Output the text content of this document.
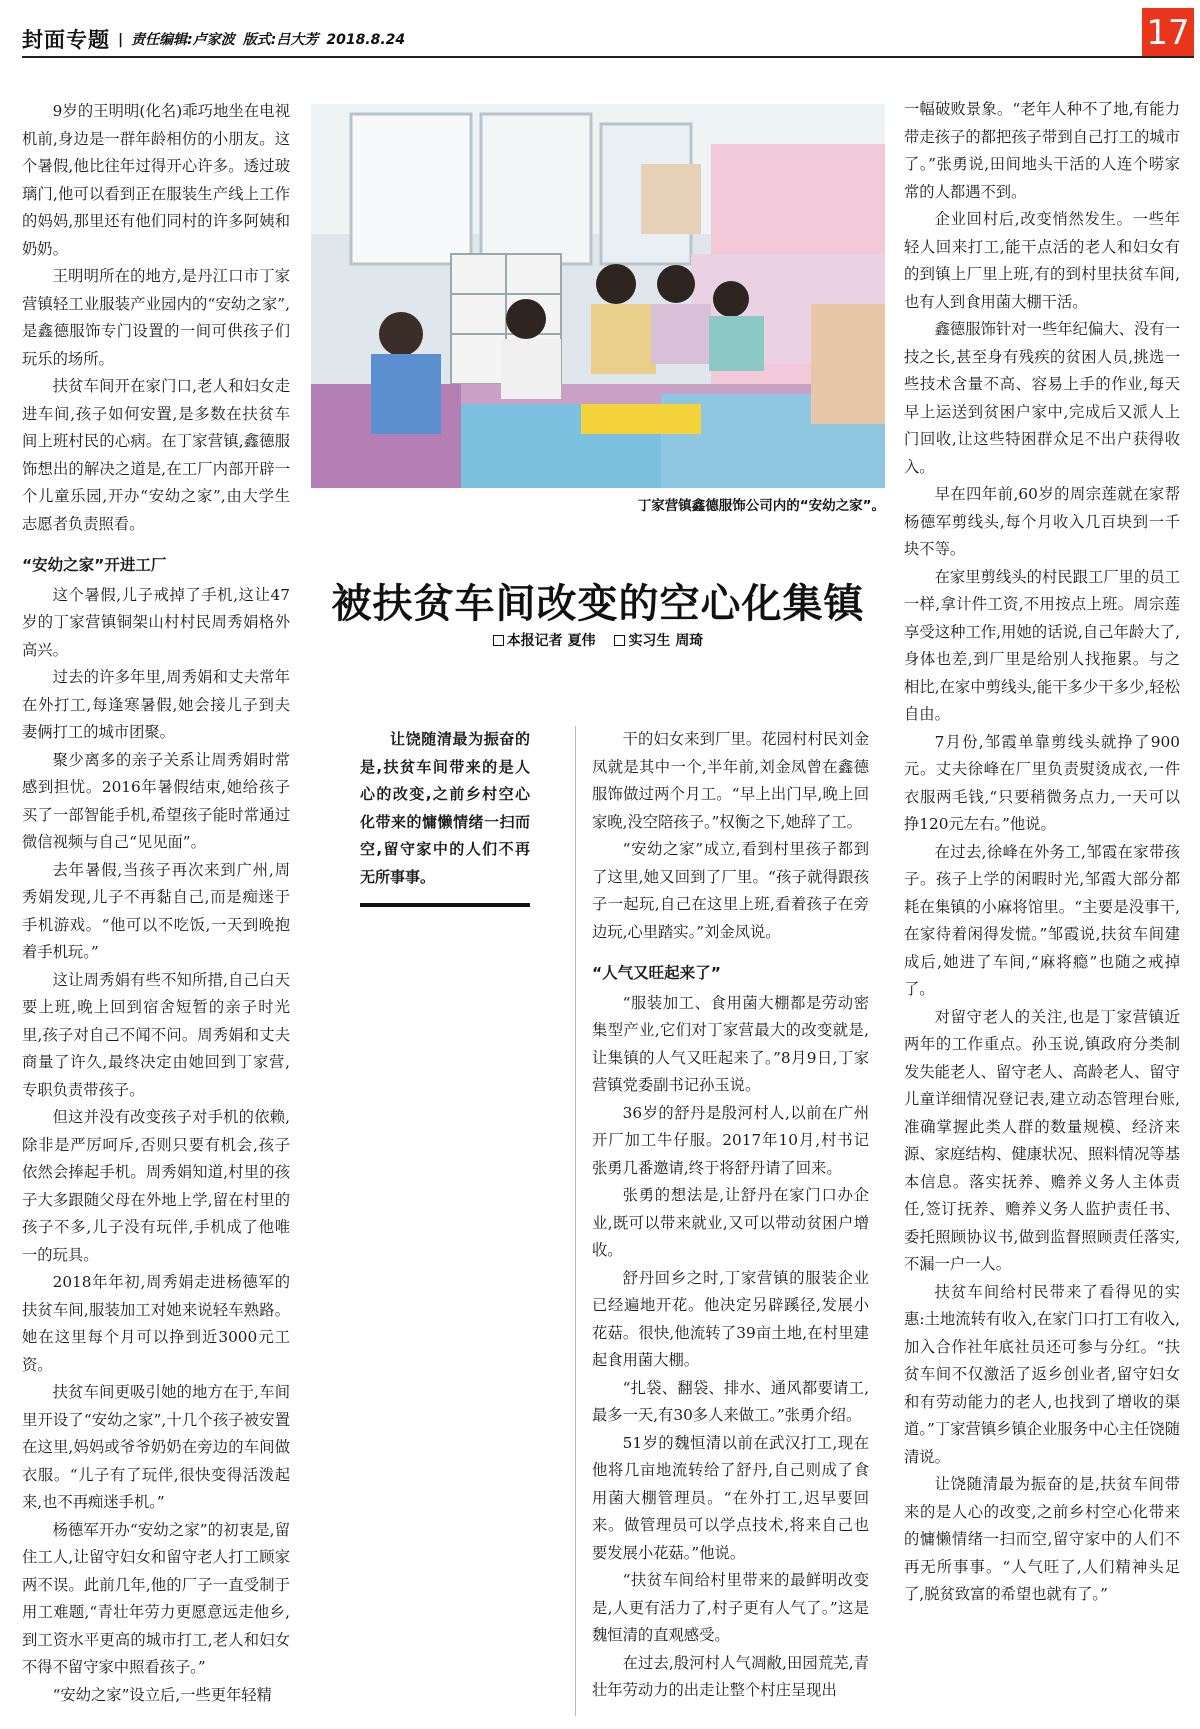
封面专题 | 责任编辑:卢家波 版式:吕大芳 2018.8.24	17

9岁的王明明(化名)乖巧地坐在电视机前,身边是一群年龄相仿的小朋友。这个暑假,他比往年过得开心许多。透过玻璃门,他可以看到正在服装生产线上工作的妈妈,那里还有他们同村的许多阿姨和奶奶。

王明明所在的地方,是丹江口市丁家营镇轻工业服装产业园内的“安幼之家”,是鑫德服饰专门设置的一间可供孩子们玩乐的场所。

扶贫车间开在家门口,老人和妇女走进车间,孩子如何安置,是多数在扶贫车间上班村民的心病。在丁家营镇,鑫德服饰想出的解决之道是,在工厂内部开辟一个儿童乐园,开办“安幼之家”,由大学生志愿者负责照看。

“安幼之家”开进工厂

这个暑假,儿子戒掉了手机,这让47岁的丁家营镇铜架山村村民周秀娟格外高兴。

过去的许多年里,周秀娟和丈夫常年在外打工,每逢寒暑假,她会接儿子到夫妻俩打工的城市团聚。

聚少离多的亲子关系让周秀娟时常感到担忧。2016年暑假结束,她给孩子买了一部智能手机,希望孩子能时常通过微信视频与自己“见见面”。

去年暑假,当孩子再次来到广州,周秀娟发现,儿子不再黏自己,而是痴迷于手机游戏。“他可以不吃饭,一天到晚抱着手机玩。”

这让周秀娟有些不知所措,自己白天要上班,晚上回到宿舍短暂的亲子时光里,孩子对自己不闻不问。周秀娟和丈夫商量了许久,最终决定由她回到丁家营,专职负责带孩子。

但这并没有改变孩子对手机的依赖,除非是严厉呵斥,否则只要有机会,孩子依然会捧起手机。周秀娟知道,村里的孩子大多跟随父母在外地上学,留在村里的孩子不多,儿子没有玩伴,手机成了他唯一的玩具。

2018年年初,周秀娟走进杨德军的扶贫车间,服装加工对她来说轻车熟路。她在这里每个月可以挣到近3000元工资。

扶贫车间更吸引她的地方在于,车间里开设了“安幼之家”,十几个孩子被安置在这里,妈妈或爷爷奶奶在旁边的车间做衣服。“儿子有了玩伴,很快变得活泼起来,也不再痴迷手机。”

杨德军开办“安幼之家”的初衷是,留住工人,让留守妇女和留守老人打工顾家两不误。此前几年,他的厂子一直受制于用工难题,“青壮年劳力更愿意远走他乡,到工资水平更高的城市打工,老人和妇女不得不留守家中照看孩子。”

“安幼之家”设立后,一些更年轻精

丁家营镇鑫德服饰公司内的“安幼之家”。
被扶贫车间改变的空心化集镇
本报记者 夏伟 实习生 周琦
让饶随清最为振奋的是,扶贫车间带来的是人心的改变,之前乡村空心化带来的慵懒情绪一扫而空,留守家中的人们不再无所事事。

干的妇女来到厂里。花园村村民刘金凤就是其中一个,半年前,刘金凤曾在鑫德服饰做过两个月工。“早上出门早,晚上回家晚,没空陪孩子。”权衡之下,她辞了工。

“安幼之家”成立,看到村里孩子都到了这里,她又回到了厂里。“孩子就得跟孩子一起玩,自己在这里上班,看着孩子在旁边玩,心里踏实。”刘金凤说。

“人气又旺起来了”

“服装加工、食用菌大棚都是劳动密集型产业,它们对丁家营最大的改变就是,让集镇的人气又旺起来了。”8月9日,丁家营镇党委副书记孙玉说。

36岁的舒丹是殷河村人,以前在广州开厂加工牛仔服。2017年10月,村书记张勇几番邀请,终于将舒丹请了回来。

张勇的想法是,让舒丹在家门口办企业,既可以带来就业,又可以带动贫困户增收。

舒丹回乡之时,丁家营镇的服装企业已经遍地开花。他决定另辟蹊径,发展小花菇。很快,他流转了39亩土地,在村里建起食用菌大棚。

“扎袋、翻袋、排水、通风都要请工,最多一天,有30多人来做工。”张勇介绍。

51岁的魏恒清以前在武汉打工,现在他将几亩地流转给了舒丹,自己则成了食用菌大棚管理员。“在外打工,迟早要回来。做管理员可以学点技术,将来自己也要发展小花菇。”他说。

“扶贫车间给村里带来的最鲜明改变是,人更有活力了,村子更有人气了。”这是魏恒清的直观感受。

在过去,殷河村人气凋敝,田园荒芜,青壮年劳动力的出走让整个村庄呈现出

一幅破败景象。“老年人种不了地,有能力带走孩子的都把孩子带到自己打工的城市了。”张勇说,田间地头干活的人连个唠家常的人都遇不到。

企业回村后,改变悄然发生。一些年轻人回来打工,能干点活的老人和妇女有的到镇上厂里上班,有的到村里扶贫车间,也有人到食用菌大棚干活。

鑫德服饰针对一些年纪偏大、没有一技之长,甚至身有残疾的贫困人员,挑选一些技术含量不高、容易上手的作业,每天早上运送到贫困户家中,完成后又派人上门回收,让这些特困群众足不出户获得收入。

早在四年前,60岁的周宗莲就在家帮杨德军剪线头,每个月收入几百块到一千块不等。

在家里剪线头的村民跟工厂里的员工一样,拿计件工资,不用按点上班。周宗莲享受这种工作,用她的话说,自己年龄大了,身体也差,到厂里是给别人找拖累。与之相比,在家中剪线头,能干多少干多少,轻松自由。

7月份,邹霞单靠剪线头就挣了900元。丈夫徐峰在厂里负责熨烫成衣,一件衣服两毛钱,“只要稍微务点力,一天可以挣120元左右。”他说。

在过去,徐峰在外务工,邹霞在家带孩子。孩子上学的闲暇时光,邹霞大部分都耗在集镇的小麻将馆里。“主要是没事干,在家待着闲得发慌。”邹霞说,扶贫车间建成后,她进了车间,“麻将瘾”也随之戒掉了。

对留守老人的关注,也是丁家营镇近两年的工作重点。孙玉说,镇政府分类制发失能老人、留守老人、高龄老人、留守儿童详细情况登记表,建立动态管理台账,准确掌握此类人群的数量规模、经济来源、家庭结构、健康状况、照料情况等基本信息。落实抚养、赡养义务人主体责任,签订抚养、赡养义务人监护责任书、委托照顾协议书,做到监督照顾责任落实,不漏一户一人。

扶贫车间给村民带来了看得见的实惠:土地流转有收入,在家门口打工有收入,加入合作社年底社员还可参与分红。“扶贫车间不仅激活了返乡创业者,留守妇女和有劳动能力的老人,也找到了增收的渠道。”丁家营镇乡镇企业服务中心主任饶随清说。

让饶随清最为振奋的是,扶贫车间带来的是人心的改变,之前乡村空心化带来的慵懒情绪一扫而空,留守家中的人们不再无所事事。“人气旺了,人们精神头足了,脱贫致富的希望也就有了。”
